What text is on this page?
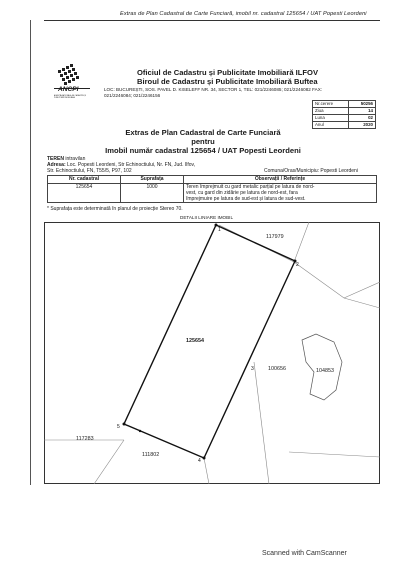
Extras de Plan Cadastral de Carte Funciară, imobil nr. cadastral 125654 / UAT Popesti Leordeni
ANCPI
AGENȚIA NAȚIONALĂ DE CADASTRU ȘI PUBLICITATE IMOBILIARĂ
Oficiul de Cadastru și Publicitate Imobiliară ILFOV
Biroul de Cadastru și Publicitate Imobiliară Buftea
LOC: BUCUREȘTI, SOS. PAVEL D. KISELEFF NR. 34, SECTOR 1, TEL: 021/2246085; 021/2246082 FAX:
021/2246084; 021/2246156
Nr.cerere	50256
Ziua	14
Luna	02
Anul	2020
Extras de Plan Cadastral de Carte Funciară
pentru
Imobil număr cadastral 125654 / UAT Popesti Leordeni
TEREN intravilan
Adresa: Loc. Popesti Leordeni, Str Echinoctiului, Nr. FN, Jud. Ilfov,
Str. Echinoctiului, FN, T55/5, P97, 102	Comuna/Oras/Municipiu: Popesti Leordeni
Nr. cadastral	Suprafața	Observații / Referințe
125654	1000	Teren împrejmuit cu gard metalic parțial pe latura de nord-
vest, cu gard din zidărie pe latura de nord-est, fara
împrejmuire pe latura de sud-est și latura de sud-vest.
* Suprafața este determinată în planul de proiecție Stereo 70.
DETALII LINIARE IMOBIL
1
2
3
4
5
125654
117979
100656	104853
117283
111802
Scanned with CamScanner
